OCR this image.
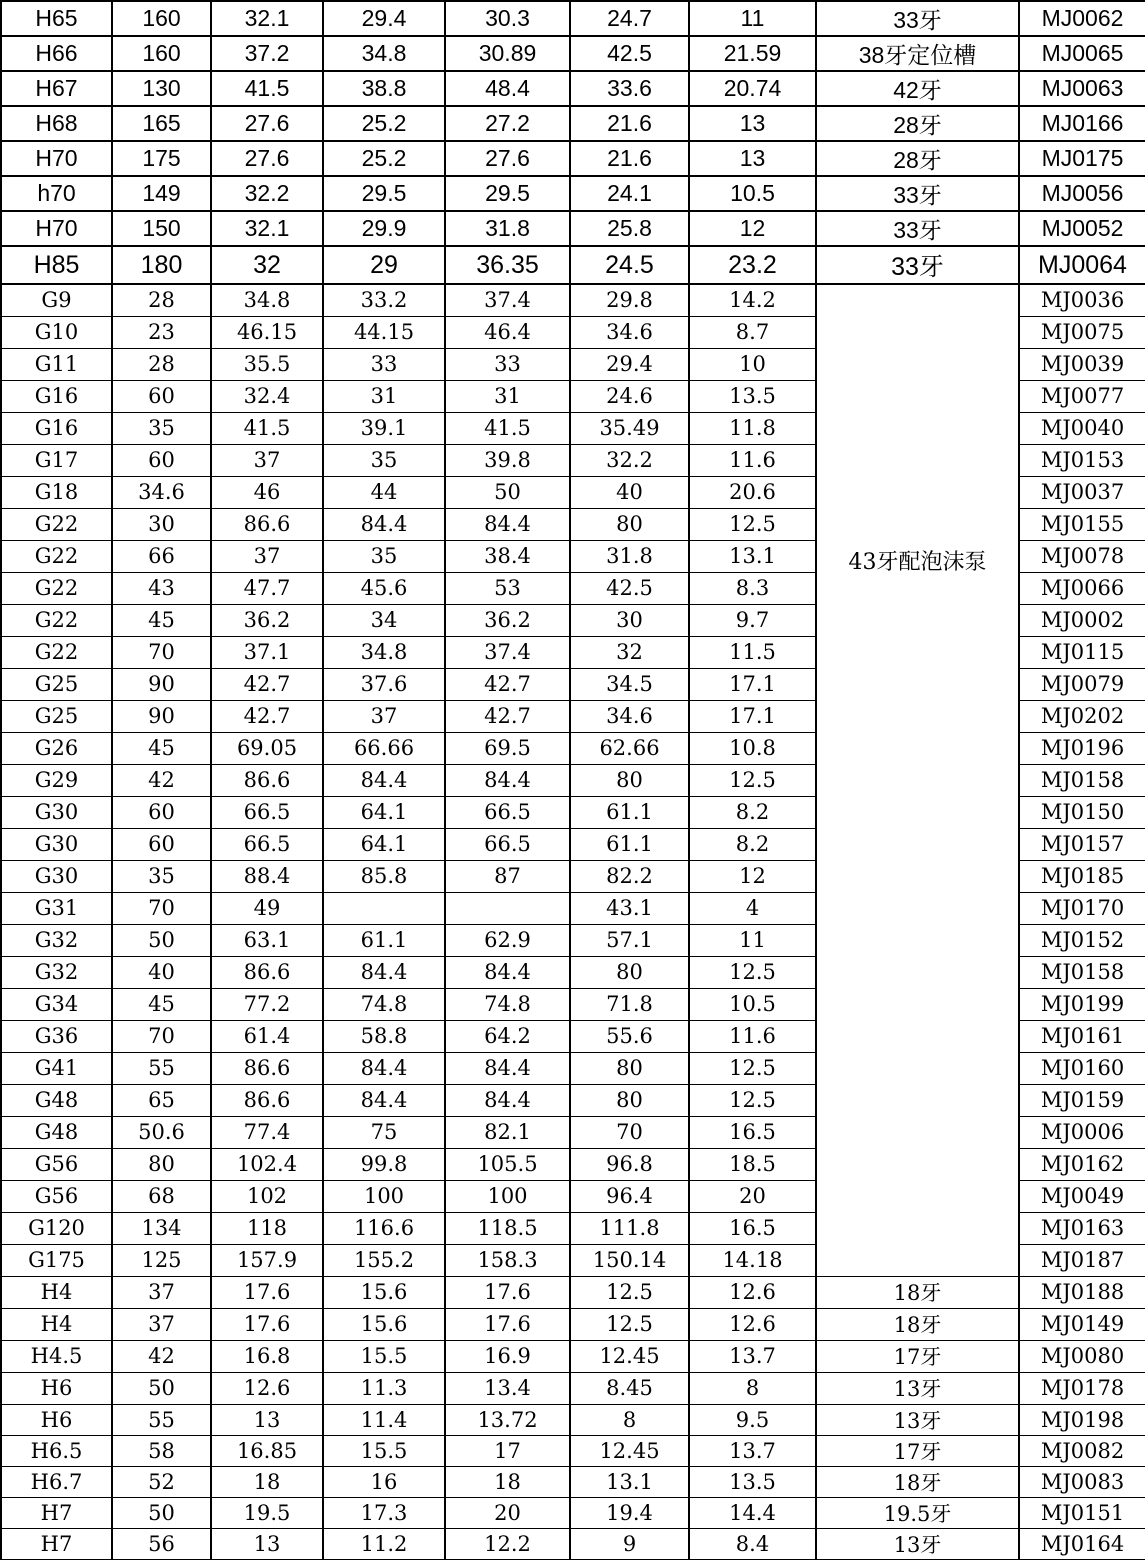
H65	160	32.1	29.4	30.3	24.7	11	33牙	MJ0062
H66	160	37.2	34.8	30.89	42.5	21.59	38牙定位槽	MJ0065
H67	130	41.5	38.8	48.4	33.6	20.74	42牙	MJ0063
H68	165	27.6	25.2	27.2	21.6	13	28牙	MJ0166
H70	175	27.6	25.2	27.6	21.6	13	28牙	MJ0175
h70	149	32.2	29.5	29.5	24.1	10.5	33牙	MJ0056
H70	150	32.1	29.9	31.8	25.8	12	33牙	MJ0052
H85	180	32	29	36.35	24.5	23.2	33牙	MJ0064
G9	28	34.8	33.2	37.4	29.8	14.2	43牙配泡沫泵	MJ0036
G10	23	46.15	44.15	46.4	34.6	8.7		MJ0075
G11	28	35.5	33	33	29.4	10		MJ0039
G16	60	32.4	31	31	24.6	13.5		MJ0077
G16	35	41.5	39.1	41.5	35.49	11.8		MJ0040
G17	60	37	35	39.8	32.2	11.6		MJ0153
G18	34.6	46	44	50	40	20.6		MJ0037
G22	30	86.6	84.4	84.4	80	12.5		MJ0155
G22	66	37	35	38.4	31.8	13.1		MJ0078
G22	43	47.7	45.6	53	42.5	8.3		MJ0066
G22	45	36.2	34	36.2	30	9.7		MJ0002
G22	70	37.1	34.8	37.4	32	11.5		MJ0115
G25	90	42.7	37.6	42.7	34.5	17.1		MJ0079
G25	90	42.7	37	42.7	34.6	17.1		MJ0202
G26	45	69.05	66.66	69.5	62.66	10.8		MJ0196
G29	42	86.6	84.4	84.4	80	12.5		MJ0158
G30	60	66.5	64.1	66.5	61.1	8.2		MJ0150
G30	60	66.5	64.1	66.5	61.1	8.2		MJ0157
G30	35	88.4	85.8	87	82.2	12		MJ0185
G31	70	49			43.1	4		MJ0170
G32	50	63.1	61.1	62.9	57.1	11		MJ0152
G32	40	86.6	84.4	84.4	80	12.5		MJ0158
G34	45	77.2	74.8	74.8	71.8	10.5		MJ0199
G36	70	61.4	58.8	64.2	55.6	11.6		MJ0161
G41	55	86.6	84.4	84.4	80	12.5		MJ0160
G48	65	86.6	84.4	84.4	80	12.5		MJ0159
G48	50.6	77.4	75	82.1	70	16.5		MJ0006
G56	80	102.4	99.8	105.5	96.8	18.5		MJ0162
G56	68	102	100	100	96.4	20		MJ0049
G120	134	118	116.6	118.5	111.8	16.5		MJ0163
G175	125	157.9	155.2	158.3	150.14	14.18		MJ0187
H4	37	17.6	15.6	17.6	12.5	12.6	18牙	MJ0188
H4	37	17.6	15.6	17.6	12.5	12.6	18牙	MJ0149
H4.5	42	16.8	15.5	16.9	12.45	13.7	17牙	MJ0080
H6	50	12.6	11.3	13.4	8.45	8	13牙	MJ0178
H6	55	13	11.4	13.72	8	9.5	13牙	MJ0198
H6.5	58	16.85	15.5	17	12.45	13.7	17牙	MJ0082
H6.7	52	18	16	18	13.1	13.5	18牙	MJ0083
H7	50	19.5	17.3	20	19.4	14.4	19.5牙	MJ0151
H7	56	13	11.2	12.2	9	8.4	13牙	MJ0164
